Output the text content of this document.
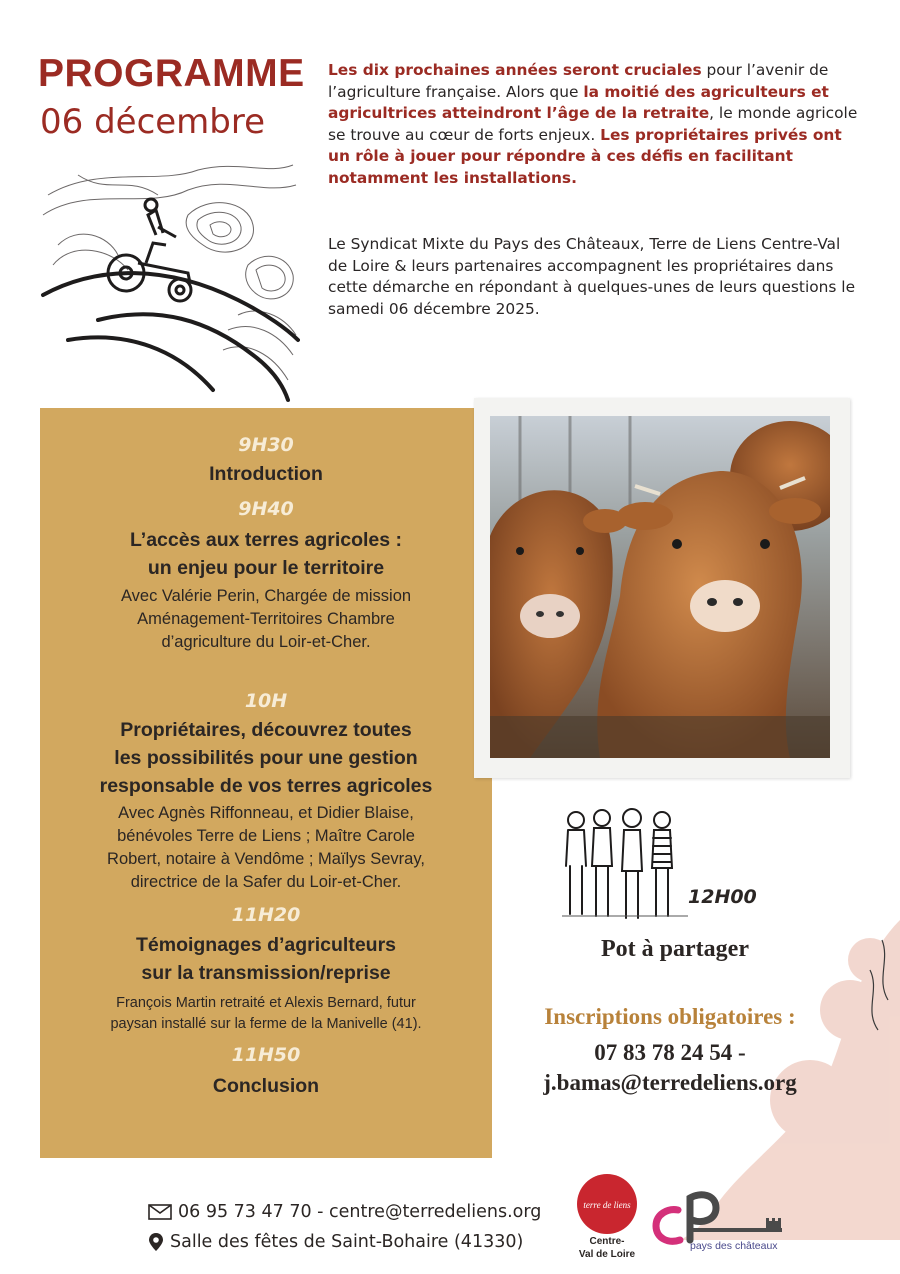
PROGRAMME
06 décembre
Les dix prochaines années seront cruciales pour l’avenir de l’agriculture française. Alors que la moitié des agriculteurs et agricultrices atteindront l’âge de la retraite, le monde agricole se trouve au cœur de forts enjeux. Les propriétaires privés ont un rôle à jouer pour répondre à ces défis en facilitant notamment les installations.
Le Syndicat Mixte du Pays des Châteaux, Terre de Liens Centre-Val de Loire & leurs partenaires accompagnent les propriétaires dans cette démarche en répondant à quelques-unes de leurs questions le samedi 06 décembre 2025.
9H30
Introduction
9H40
L’accès aux terres agricoles :
un enjeu pour le territoire
Avec Valérie Perin, Chargée de mission
Aménagement-Territoires Chambre
d’agriculture du Loir-et-Cher.
10H
Propriétaires, découvrez toutes
les possibilités pour une gestion
responsable de vos terres agricoles
Avec Agnès Riffonneau, et Didier Blaise,
bénévoles Terre de Liens ; Maître Carole
Robert, notaire à Vendôme ; Maïlys Sevray,
directrice de la Safer du Loir-et-Cher.
11H20
Témoignages d’agriculteurs
sur la transmission/reprise
François Martin retraité et Alexis Bernard, futur
paysan installé sur la ferme de la Manivelle (41).
11H50
Conclusion
12H00
Pot à partager
Inscriptions obligatoires :
07 83 78 24 54 -
j.bamas@terredeliens.org
06 95 73 47 70 - centre@terredeliens.org
Salle des fêtes de Saint-Bohaire (41330)
terre de liens
Centre-
Val de Loire
pays des châteaux
